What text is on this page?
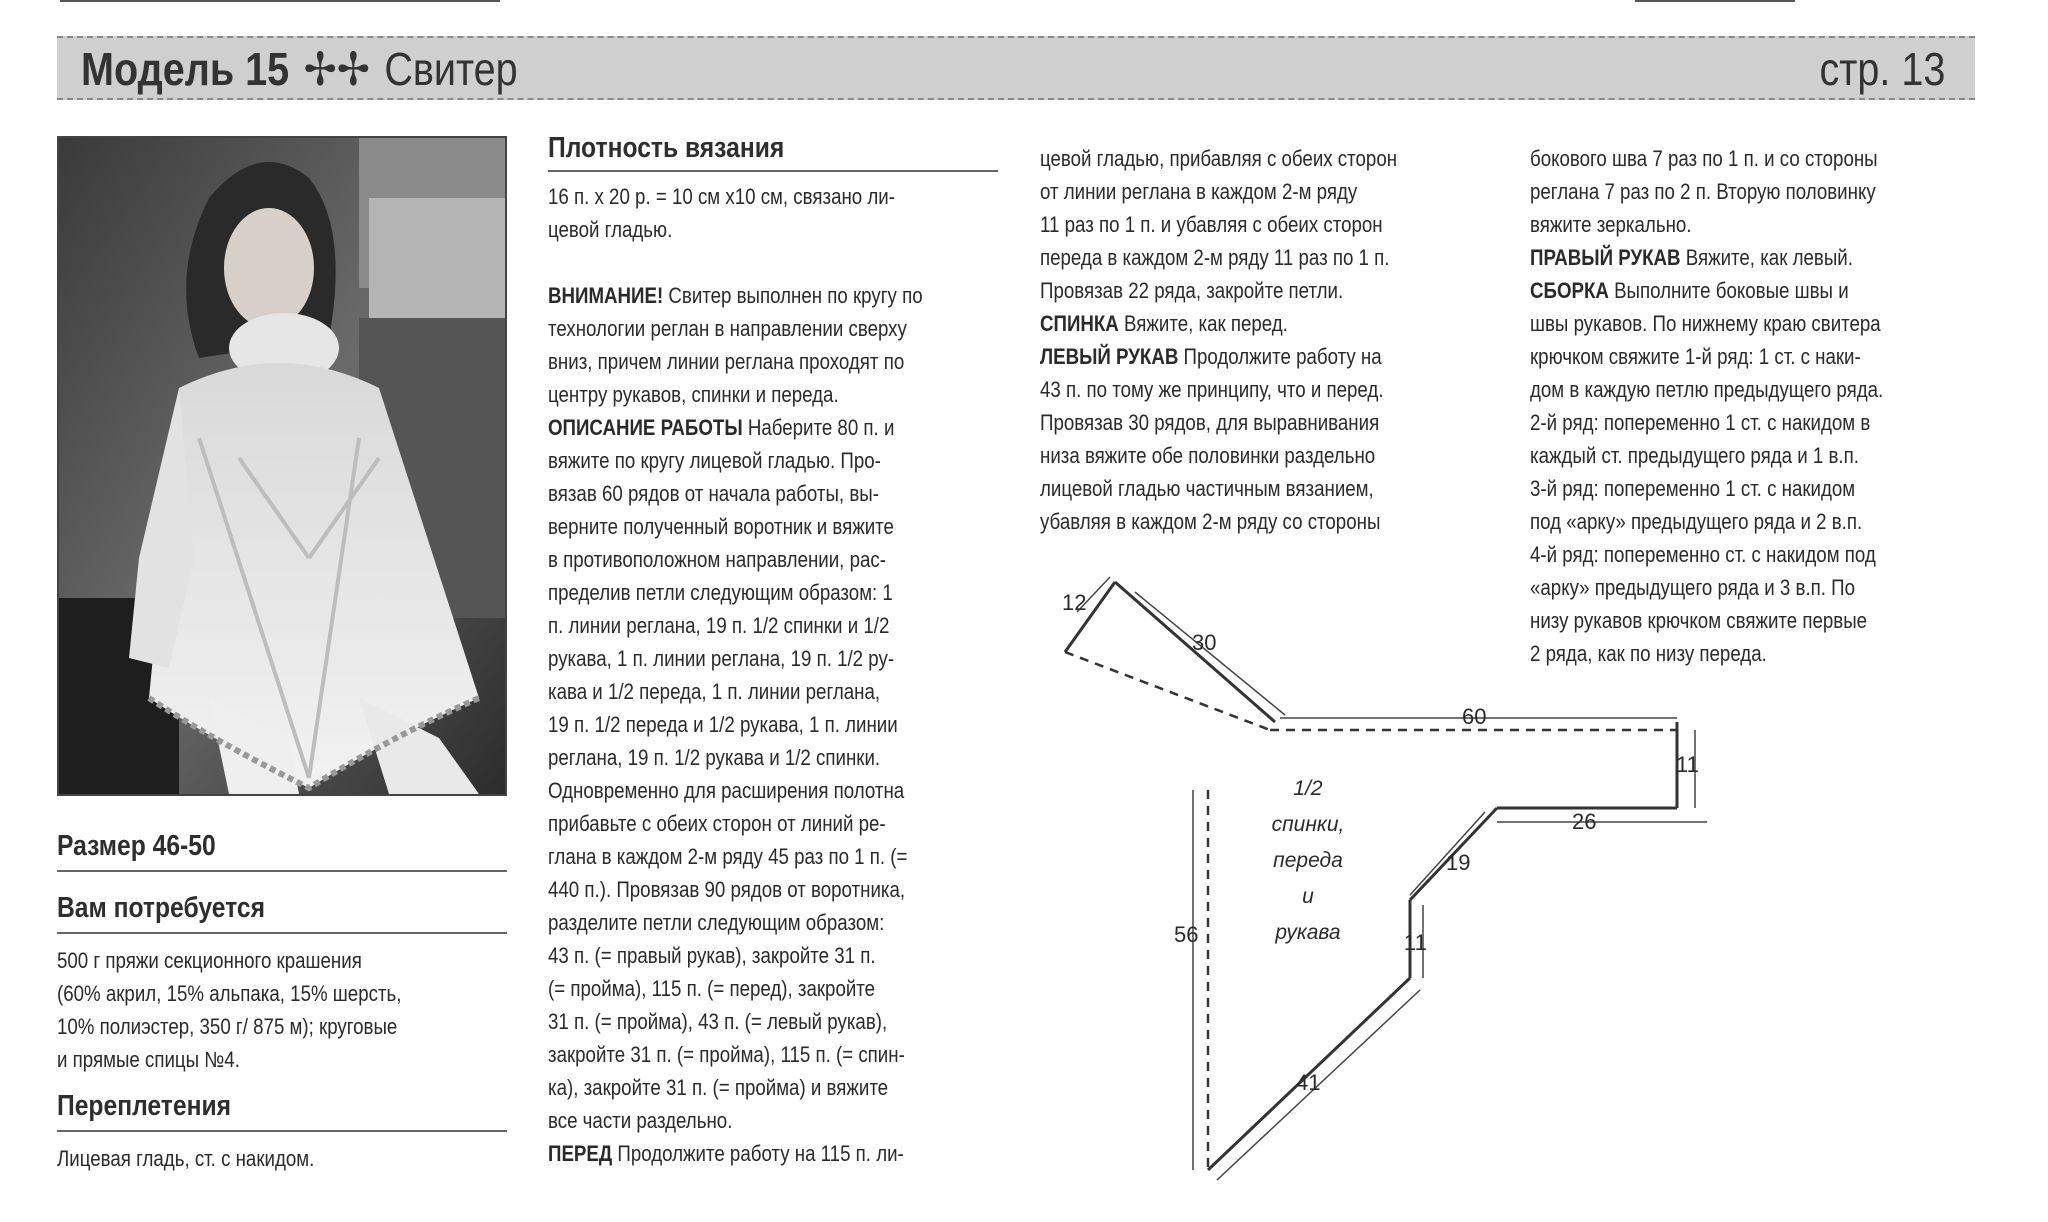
Модель 15 ✢✢ Свитер	стр. 13

Размер 46-50

Вам потребуется

500 г пряжи секционного крашения

(60% акрил, 15% альпака, 15% шерсть,

10% полиэстер, 350 г/ 875 м); круговые

и прямые спицы №4.

Переплетения

Лицевая гладь, ст. с накидом.

Плотность вязания

16 п. х 20 р. = 10 см х10 см, связано ли-

цевой гладью.

ВНИМАНИЕ! Свитер выполнен по кругу по

технологии реглан в направлении сверху

вниз, причем линии реглана проходят по

центру рукавов, спинки и переда.

ОПИСАНИЕ РАБОТЫ Наберите 80 п. и

вяжите по кругу лицевой гладью. Про-

вязав 60 рядов от начала работы, вы-

верните полученный воротник и вяжите

в противоположном направлении, рас-

пределив петли следующим образом: 1

п. линии реглана, 19 п. 1/2 спинки и 1/2

рукава, 1 п. линии реглана, 19 п. 1/2 ру-

кава и 1/2 переда, 1 п. линии реглана,

19 п. 1/2 переда и 1/2 рукава, 1 п. линии

реглана, 19 п. 1/2 рукава и 1/2 спинки.

Одновременно для расширения полотна

прибавьте с обеих сторон от линий ре-

глана в каждом 2-м ряду 45 раз по 1 п. (=

440 п.). Провязав 90 рядов от воротника,

разделите петли следующим образом:

43 п. (= правый рукав), закройте 31 п.

(= пройма), 115 п. (= перед), закройте

31 п. (= пройма), 43 п. (= левый рукав),

закройте 31 п. (= пройма), 115 п. (= спин-

ка), закройте 31 п. (= пройма) и вяжите

все части раздельно.

ПЕРЕД Продолжите работу на 115 п. ли-

цевой гладью, прибавляя с обеих сторон

от линии реглана в каждом 2-м ряду

11 раз по 1 п. и убавляя с обеих сторон

переда в каждом 2-м ряду 11 раз по 1 п.

Провязав 22 ряда, закройте петли.

СПИНКА Вяжите, как перед.

ЛЕВЫЙ РУКАВ Продолжите работу на

43 п. по тому же принципу, что и перед.

Провязав 30 рядов, для выравнивания

низа вяжите обе половинки раздельно

лицевой гладью частичным вязанием,

убавляя в каждом 2-м ряду со стороны

бокового шва 7 раз по 1 п. и со стороны

реглана 7 раз по 2 п. Вторую половинку

вяжите зеркально.

ПРАВЫЙ РУКАВ Вяжите, как левый.

СБОРКА Выполните боковые швы и

швы рукавов. По нижнему краю свитера

крючком свяжите 1-й ряд: 1 ст. с наки-

дом в каждую петлю предыдущего ряда.

2-й ряд: попеременно 1 ст. с накидом в

каждый ст. предыдущего ряда и 1 в.п.

3-й ряд: попеременно 1 ст. с накидом

под «арку» предыдущего ряда и 2 в.п.

4-й ряд: попеременно ст. с накидом под

«арку» предыдущего ряда и 3 в.п. По

низу рукавов крючком свяжите первые

2 ряда, как по низу переда.

12
30
60
11
26
19
11
56
41
1/2
спинки,
переда
и
рукава
